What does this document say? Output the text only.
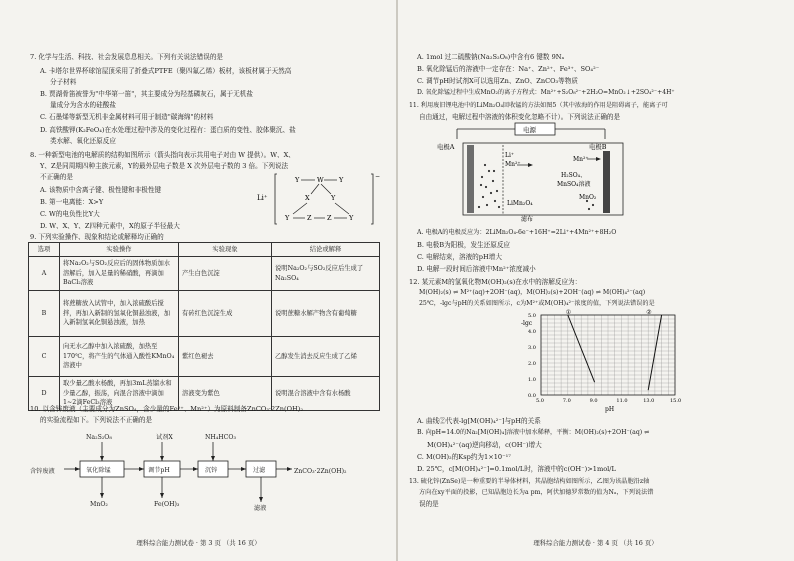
7. 化学与生活、科技、社会发展息息相关。下列有关说法错误的是
A. 卡塔尔世界杯球馆屋顶采用了折叠式PTFE（聚四氟乙烯）板材，该板材属于天然高
分子材料
B. 贾湖骨笛被誉为"中华第一笛"，其主要成分为羟基磷灰石，属于无机盐
量成分为含水的硅酸盐
C. 石墨烯等新型无机非金属材料可用于制造"碳海绵"的材料
D. 高铁酸钾(K₂FeO₄)在水处理过程中涉及的变化过程有：蛋白质的变性、胶体聚沉、盐
类水解、氧化还原反应
8. 一种新型电池的电解质的结构如图所示（箭头指向表示共用电子对由 W 提供）。W、X、
Y、Z是同周期四种主族元素，Y的最外层电子数是 X 次外层电子数的 3 倍。下列说法
不正确的是
A. 该物质中含离子键、极性键和非极性键
B. 第一电离能：X>Y
C. W的电负性比Y大
D. W、X、Y、Z四种元素中，X的原子半径最大
Li⁺
−
Y	W Y
X	Y
Y	Z Z	Y
9. 下列实验操作、现象和结论或解释均正确的
选项	实验操作	实验现象	结论或解释
A	将Na₂O₂与SO₂反应后的固体物质加水溶解后，加入足量的稀硝酸，再滴加BaCl₂溶液	产生白色沉淀	说明Na₂O₂与SO₂反应后生成了Na₂SO₄
B	将蔗糖放入试管中，加入浓硫酸后搅拌，再加入新制的氢氧化铜悬浊液，加入新制氢氧化铜悬浊液，加热	有砖红色沉淀生成	说明蔗糖水解产物含有葡萄糖
C	向无水乙醇中加入浓硫酸，加热至170℃，将产生的气体通入酸性KMnO₄溶液中	紫红色褪去	乙醇发生消去反应生成了乙烯
D	取少量乙酸水杨酸，再加3mL蒸馏水和少量乙醇，振荡，向混合溶液中滴加1~2滴FeCl₃溶液	溶液变为紫色	说明混合溶液中含有水杨酸
10. 以含锌废液（主要成分为ZnSO₄，含少量的Fe²⁺、Mn²⁺）为原料制备ZnCO₃·2Zn(OH)₂
的实验流程如下。下列说法不正确的是
Na₂S₂O₈	试剂X	NH₄HCO₃
含锌废液	ZnCO₃·2Zn(OH)₂
MnO₂	Fe(OH)₃
滤液
氧化除锰	调节pH	沉锌	过滤
理科综合能力测试卷 · 第 3 页 （共 16 页）
A. 1mol 过二硫酸钠(Na₂S₂O₈)中含有6 键数 9Nₐ
B. 氧化除锰后的溶液中一定存在：Na⁺、Zn²⁺、Fe³⁺、SO₄²⁻
C. 调节pH时试剂X可以选用Zn、ZnO、ZnCO₃等物质
D. 氧化除锰过程中生成MnO₂的离子方程式：Mn²⁺+S₂O₈²⁻+2H₂O=MnO₂↓+2SO₄²⁻+4H⁺
11. 利用废旧锂电池中的LiMn₂O₄回收锰的方法如图5（其中浓海的作用是阻碍离子，能离子可
自由通过，电解过程中溶液的体积变化忽略不计）。下列说法正确的是
电源
电极A	电极B
Li⁺
Mn²⁺
Mn²⁺
H₂SO₄、
MnSO₄溶液
MnO₂
LiMn₂O₄
滤布
A. 电极A的电极反应为：2LiMn₂O₄-6e⁻+16H⁺=2Li⁺+4Mn²⁺+8H₂O
B. 电极B为阳极，发生还原反应
C. 电解结束，溶液的pH增大
D. 电解一段时间后溶液中Mn²⁺浓度减小
12. 某元素M的氢氧化物M(OH)₂(s)在水中的溶解反应为：
M(OH)₂(s) ⇌ M²⁺(aq)+2OH⁻(aq)，M(OH)₂(s)+2OH⁻(aq) ⇌ M(OH)₄²⁻(aq)
25℃，-lgc与pH的关系如图所示，c为M²⁺或M(OH)₄²⁻浓度的值，下列说法错误的是
-lgc
pH
5.0	7.0	9.0	11.0	13.0	15.0
0.0
1.0
2.0
3.0
4.0
5.0	①	②
A. 曲线②代表-lg[M(OH)₄²⁻]与pH的关系
B. 向pH=14.0的Na₂[M(OH)₄]溶液中加水稀释，平衡：M(OH)₂(s)+2OH⁻(aq) ⇌
M(OH)₄²⁻(aq)逆向移动，c(OH⁻)增大
C. M(OH)₂的Ksp约为1×10⁻¹⁷
D. 25℃，c[M(OH)₄²⁻]=0.1mol/L时，溶液中的c(OH⁻)>1mol/L
13. 硫化锌(ZnSe)是一种重要的半导体材料，其晶胞结构如图所示，乙图为该晶胞沿z轴
方向在xy平面的投影，已知晶胞边长为a pm，阿伏加德罗常数的值为Nₐ，下列说法错
误的是
理科综合能力测试卷 · 第 4 页 （共 16 页）
